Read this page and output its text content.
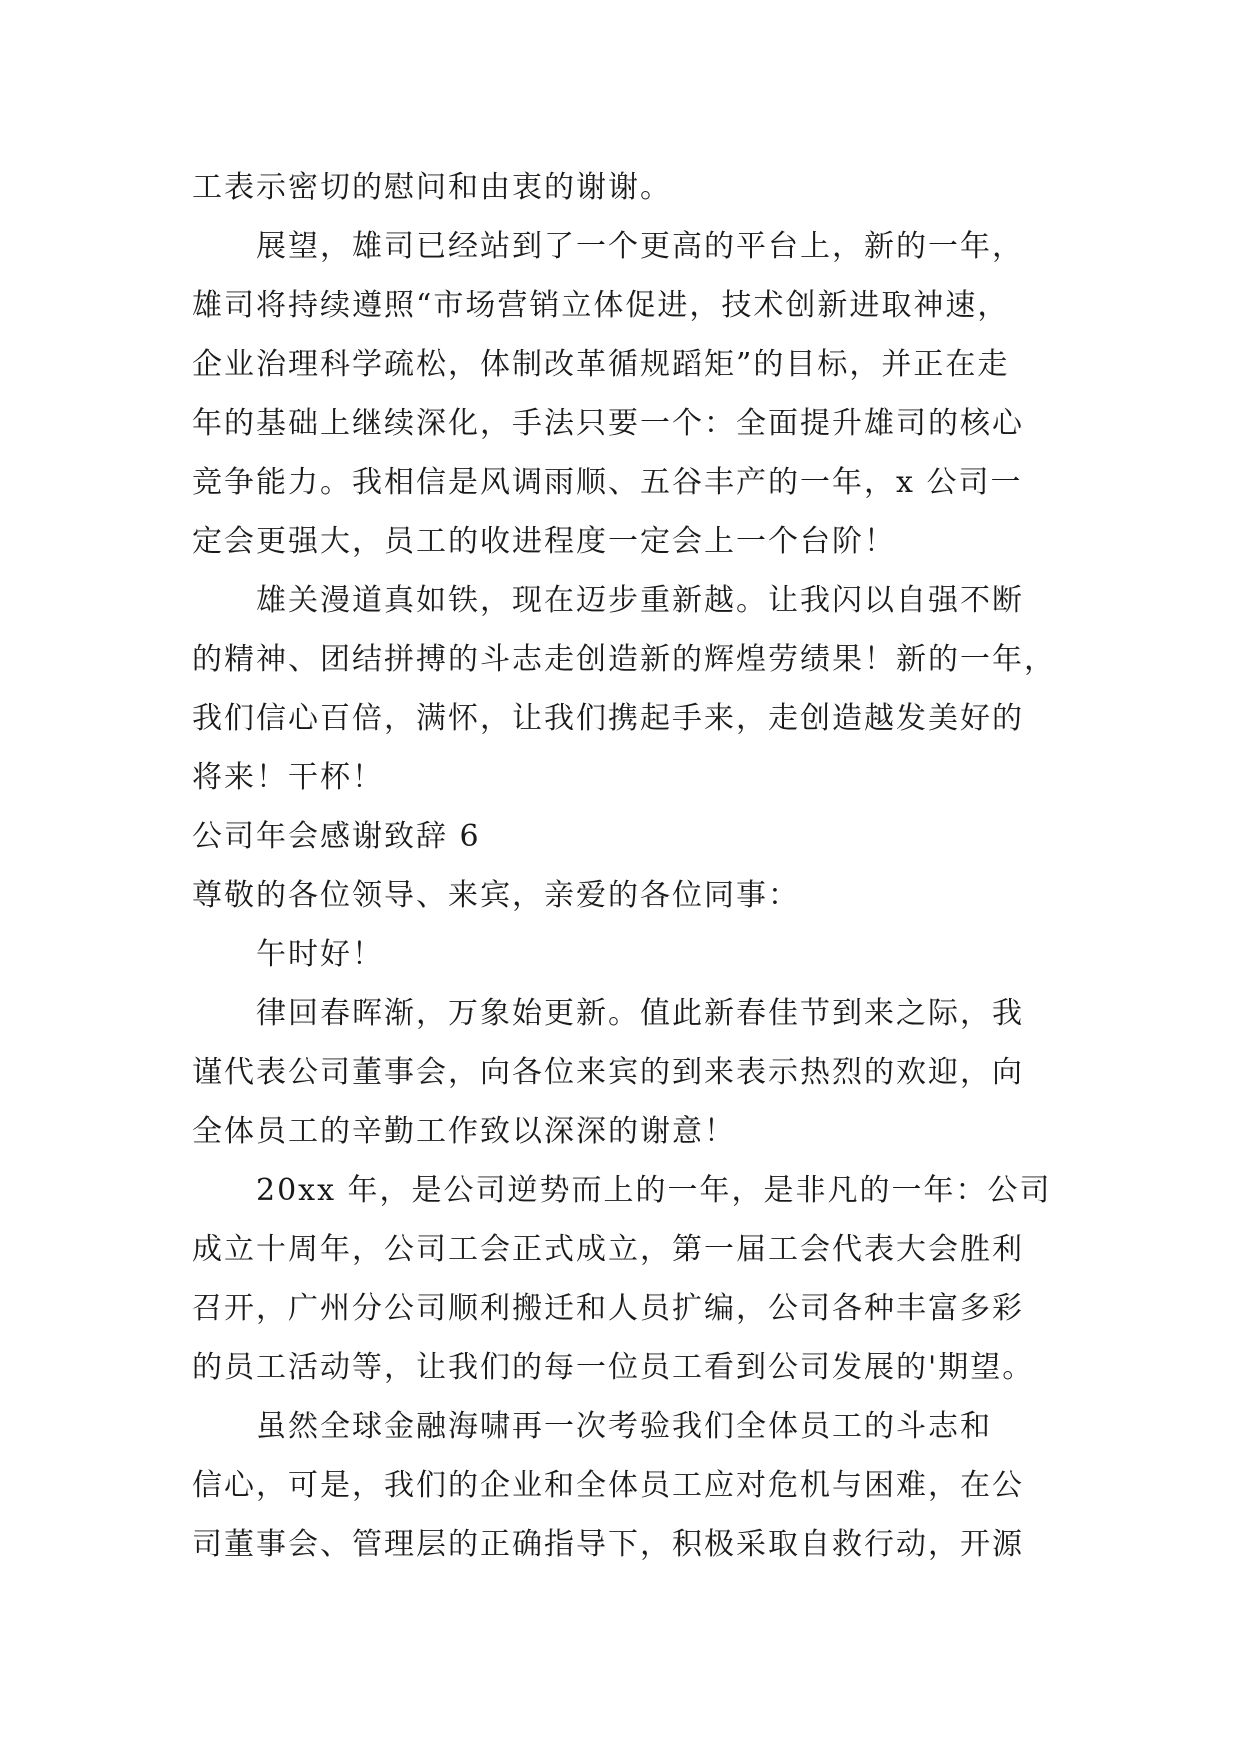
工表示密切的慰问和由衷的谢谢。
展望，雄司已经站到了一个更高的平台上，新的一年，
雄司将持续遵照“市场营销立体促进，技术创新进取神速，
企业治理科学疏松，体制改革循规蹈矩”的目标，并正在走
年的基础上继续深化，手法只要一个：全面提升雄司的核心
竞争能力。我相信是风调雨顺、五谷丰产的一年，x 公司一
定会更强大，员工的收进程度一定会上一个台阶！
雄关漫道真如铁，现在迈步重新越。让我闪以自强不断
的精神、团结拼搏的斗志走创造新的辉煌劳绩果！新的一年，
我们信心百倍，满怀，让我们携起手来，走创造越发美好的
将来！干杯！
公司年会感谢致辞 6
尊敬的各位领导、来宾，亲爱的各位同事：
午时好！
律回春晖渐，万象始更新。值此新春佳节到来之际，我
谨代表公司董事会，向各位来宾的到来表示热烈的欢迎，向
全体员工的辛勤工作致以深深的谢意！
20xx 年，是公司逆势而上的一年，是非凡的一年：公司
成立十周年，公司工会正式成立，第一届工会代表大会胜利
召开，广州分公司顺利搬迁和人员扩编，公司各种丰富多彩
的员工活动等，让我们的每一位员工看到公司发展的'期望。
虽然全球金融海啸再一次考验我们全体员工的斗志和
信心，可是，我们的企业和全体员工应对危机与困难，在公
司董事会、管理层的正确指导下，积极采取自救行动，开源
